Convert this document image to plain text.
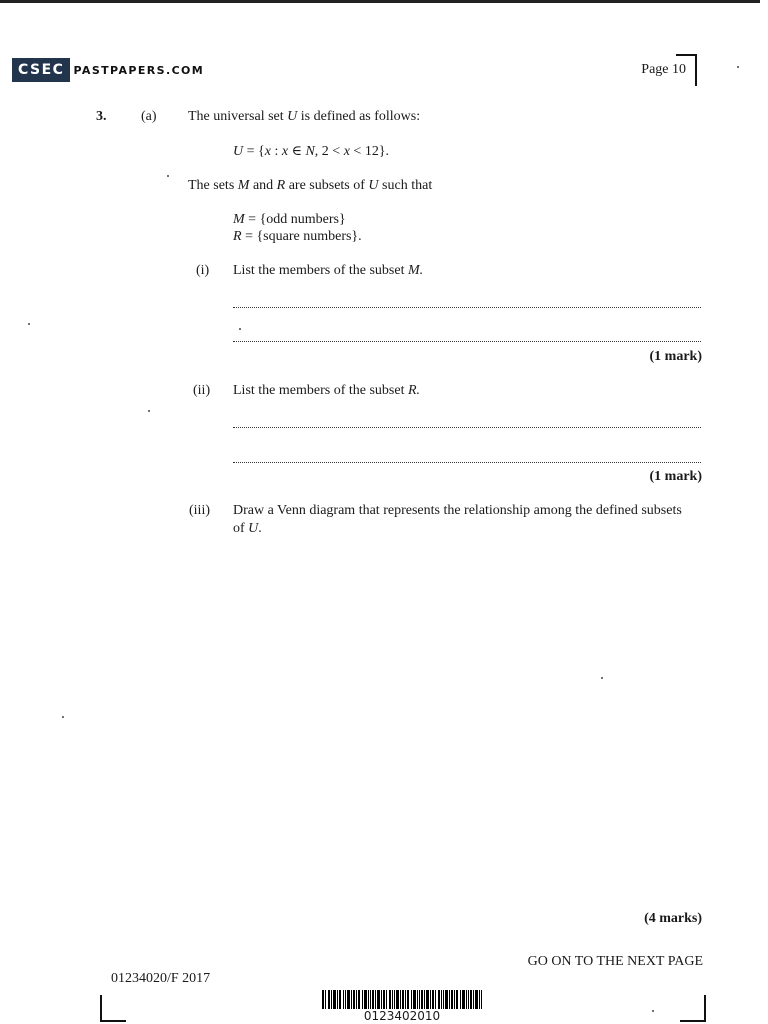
CSEC PASTPAPERS.COM	Page 10
3. (a) The universal set U is defined as follows:
U = {x : x ∈ N, 2 < x < 12}.
The sets M and R are subsets of U such that
M = {odd numbers}
R = {square numbers}.
(i) List the members of the subset M.
(1 mark)
(ii) List the members of the subset R.
(1 mark)
(iii) Draw a Venn diagram that represents the relationship among the defined subsets
of U.
(4 marks)
GO ON TO THE NEXT PAGE
01234020/F 2017
0123402010
